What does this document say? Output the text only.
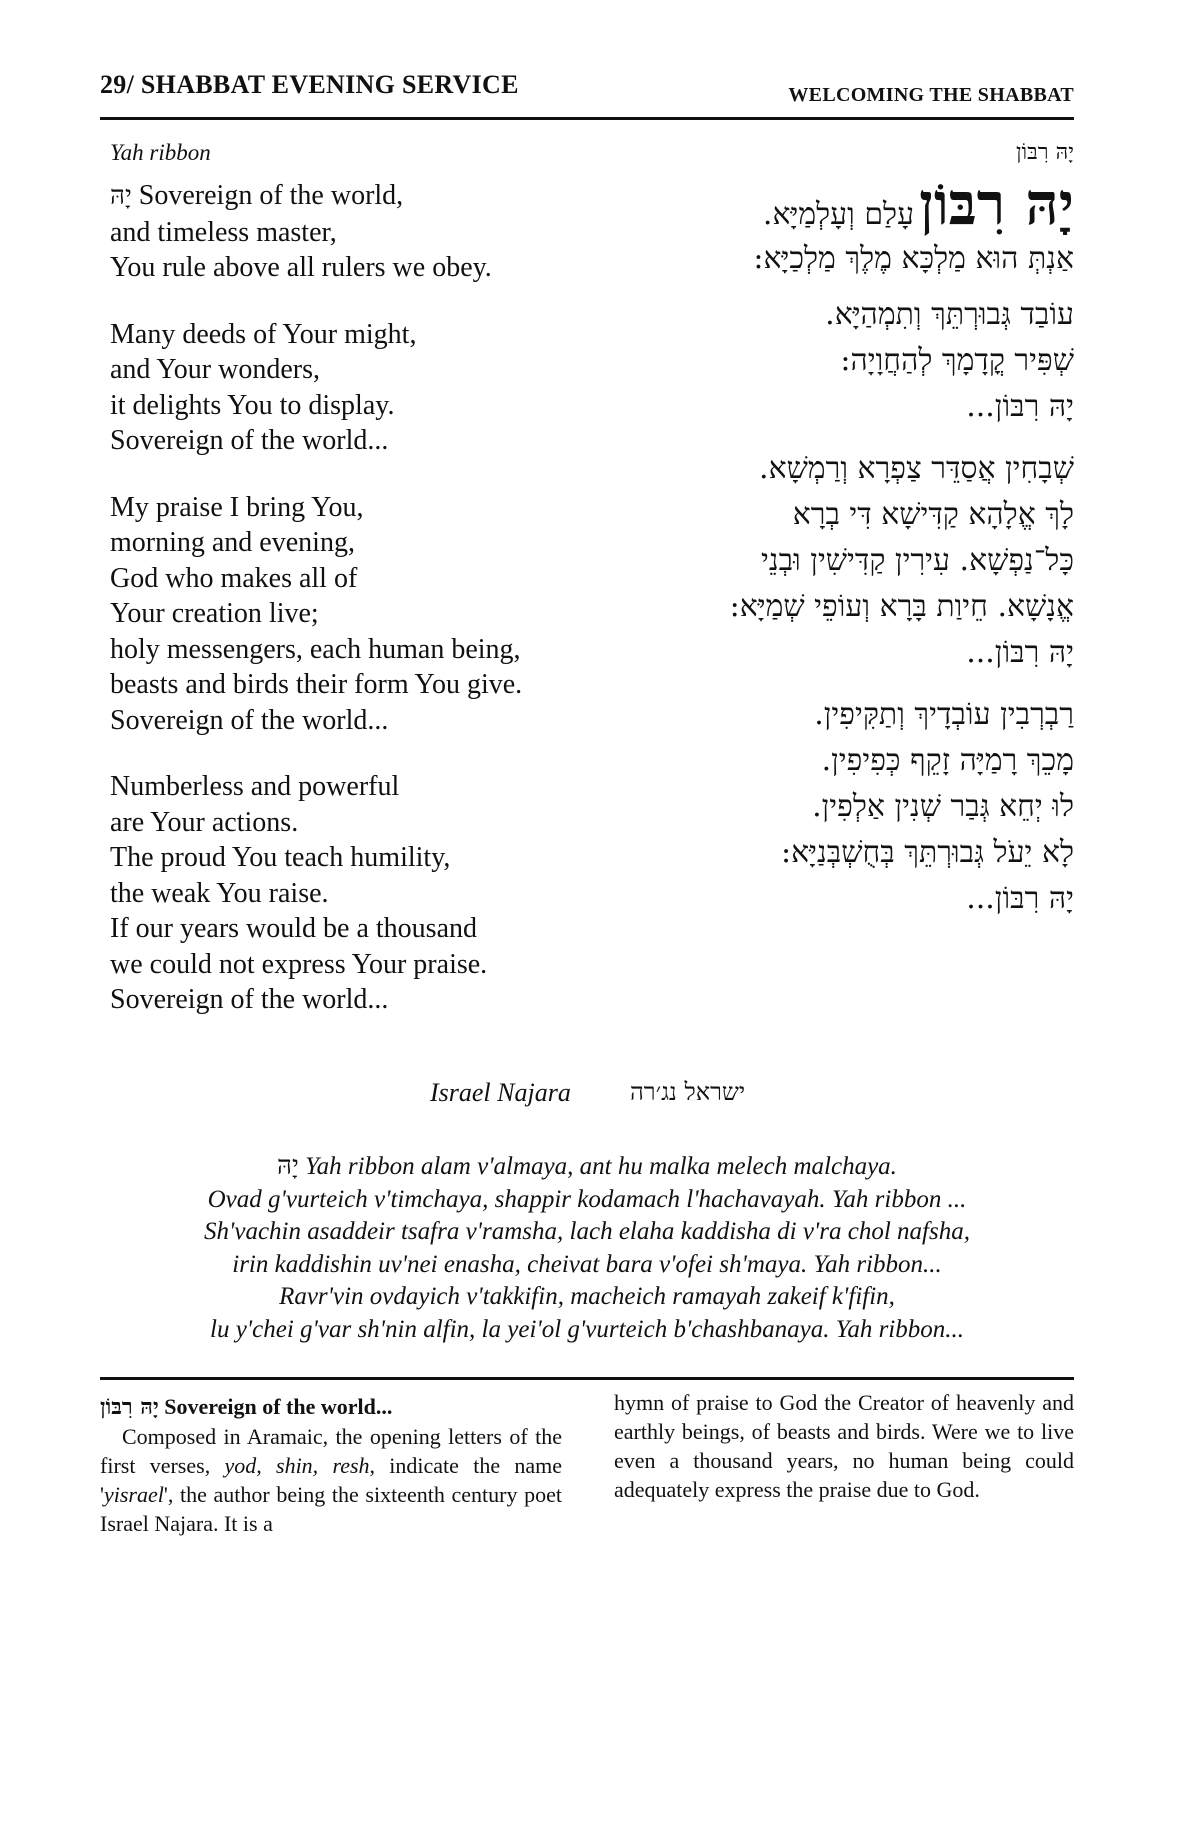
29/ SHABBAT EVENING SERVICE	WELCOMING THE SHABBAT
Yah ribbon
יָהּ Sovereign of the world,
and timeless master,
You rule above all rulers we obey.
Many deeds of Your might,
and Your wonders,
it delights You to display.
Sovereign of the world...
My praise I bring You,
morning and evening,
God who makes all of
Your creation live;
holy messengers, each human being,
beasts and birds their form You give.
Sovereign of the world...
Numberless and powerful
are Your actions.
The proud You teach humility,
the weak You raise.
If our years would be a thousand
we could not express Your praise.
Sovereign of the world...
יָהּ רִבּוֹן
יָהּ רִבּוֹן עָלַם וְעָלְמַיָּא.
אַנְתְּ הוּא מַלְכָּא מֶלֶךְ מַלְכַיָּא:
עוֹבַד גְּבוּרְתֵּךְ וְתִמְהַיָּא.
שְׁפִּיר קֳדָמָךְ לְהַחֲוָיָה:
יָהּ רִבּוֹן...
שְׁבָחִין אֲסַדֵּר צַפְרָא וְרַמְשָׁא.
לָךְ אֱלָהָא קַדִּישָׁא דִּי בְרָא
כָּל־נַפְשָׁא. עִירִין קַדִּישִׁין וּבְנֵי
אֱנָשָׁא. חֵיוַת בָּרָא וְעוֹפֵי שְׁמַיָּא:
יָהּ רִבּוֹן...
רַבְרְבִין עוֹבְדָיךְ וְתַקִּיפִין.
מָכֵךְ רָמַיָּה זָקֵף כְּפִיפִין.
לוּ יְחֵא גְּבַר שְׁנִין אַלְפִין.
לָא יֵעֹל גְּבוּרְתֵּךְ בְּחֻשְׁבְּנַיָּא:
יָהּ רִבּוֹן...
Israel Najara ישראל נג׳רה
יָהּ Yah ribbon alam v'almaya, ant hu malka melech malchaya.
Ovad g'vurteich v'timchaya, shappir kodamach l'hachavayah. Yah ribbon ...
Sh'vachin asaddeir tsafra v'ramsha, lach elaha kaddisha di v'ra chol nafsha,
irin kaddishin uv'nei enasha, cheivat bara v'ofei sh'maya. Yah ribbon...
Ravr'vin ovdayich v'takkifin, macheich ramayah zakeif k'fifin,
lu y'chei g'var sh'nin alfin, la yei'ol g'vurteich b'chashbanaya. Yah ribbon...
יָהּ רִבּוֹן Sovereign of the world...
Composed in Aramaic, the opening letters of the first verses, yod, shin, resh, indicate the name 'yisrael', the author being the sixteenth century poet Israel Najara. It is a
hymn of praise to God the Creator of heavenly and earthly beings, of beasts and birds. Were we to live even a thousand years, no human being could adequately express the praise due to God.
